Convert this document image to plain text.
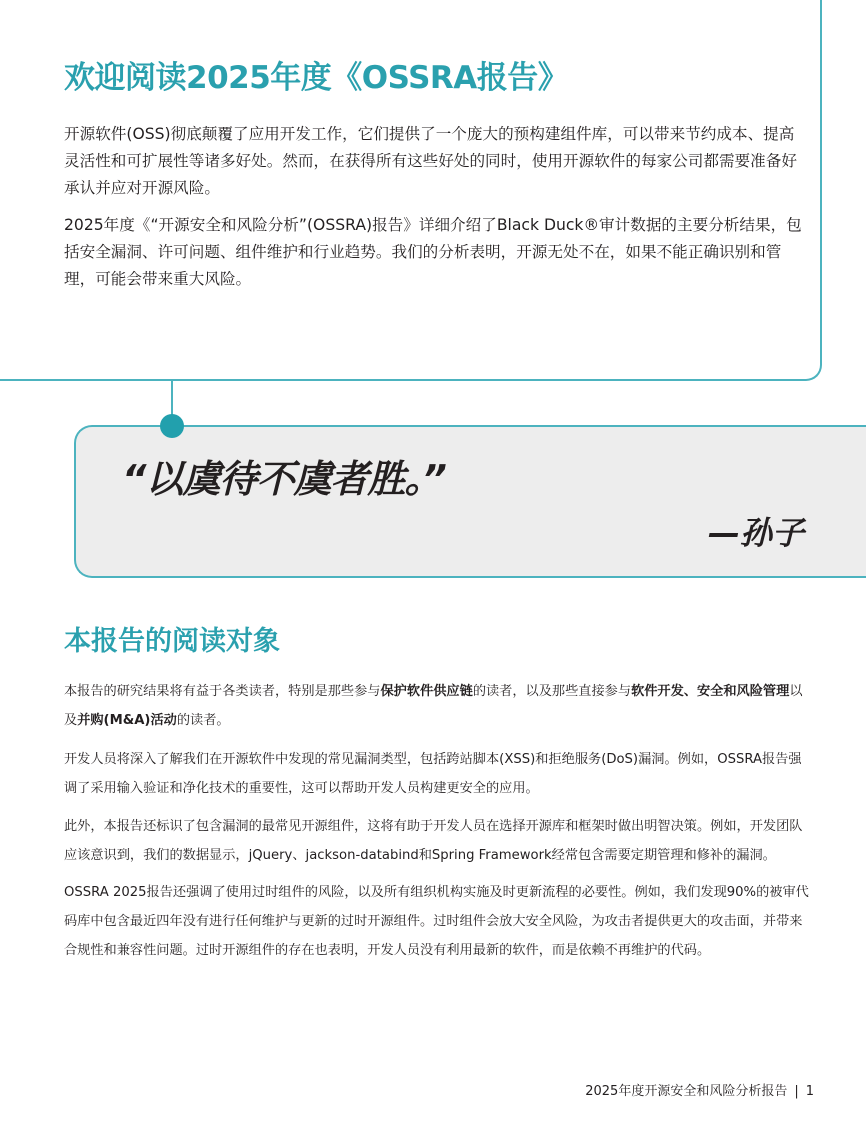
欢迎阅读2025年度《OSSRA报告》

开源软件(OSS)彻底颠覆了应用开发工作，它们提供了一个庞大的预构建组件库，可以带来节约成本、提高灵活性和可扩展性等诸多好处。然而，在获得所有这些好处的同时，使用开源软件的每家公司都需要准备好承认并应对开源风险。

2025年度《“开源安全和风险分析”(OSSRA)报告》详细介绍了Black Duck®审计数据的主要分析结果，包括安全漏洞、许可问题、组件维护和行业趋势。我们的分析表明，开源无处不在，如果不能正确识别和管理，可能会带来重大风险。

“以虞待不虞者胜。”

—孙子

本报告的阅读对象

本报告的研究结果将有益于各类读者，特别是那些参与保护软件供应链的读者，以及那些直接参与软件开发、安全和风险管理以及并购(M&A)活动的读者。

开发人员将深入了解我们在开源软件中发现的常见漏洞类型，包括跨站脚本(XSS)和拒绝服务(DoS)漏洞。例如，OSSRA报告强调了采用输入验证和净化技术的重要性，这可以帮助开发人员构建更安全的应用。

此外，本报告还标识了包含漏洞的最常见开源组件，这将有助于开发人员在选择开源库和框架时做出明智决策。例如，开发团队应该意识到，我们的数据显示，jQuery、jackson-databind和Spring Framework经常包含需要定期管理和修补的漏洞。

OSSRA 2025报告还强调了使用过时组件的风险，以及所有组织机构实施及时更新流程的必要性。例如，我们发现90%的被审代码库中包含最近四年没有进行任何维护与更新的过时开源组件。过时组件会放大安全风险，为攻击者提供更大的攻击面，并带来合规性和兼容性问题。过时开源组件的存在也表明，开发人员没有利用最新的软件，而是依赖不再维护的代码。

2025年度开源安全和风险分析报告 | 1
